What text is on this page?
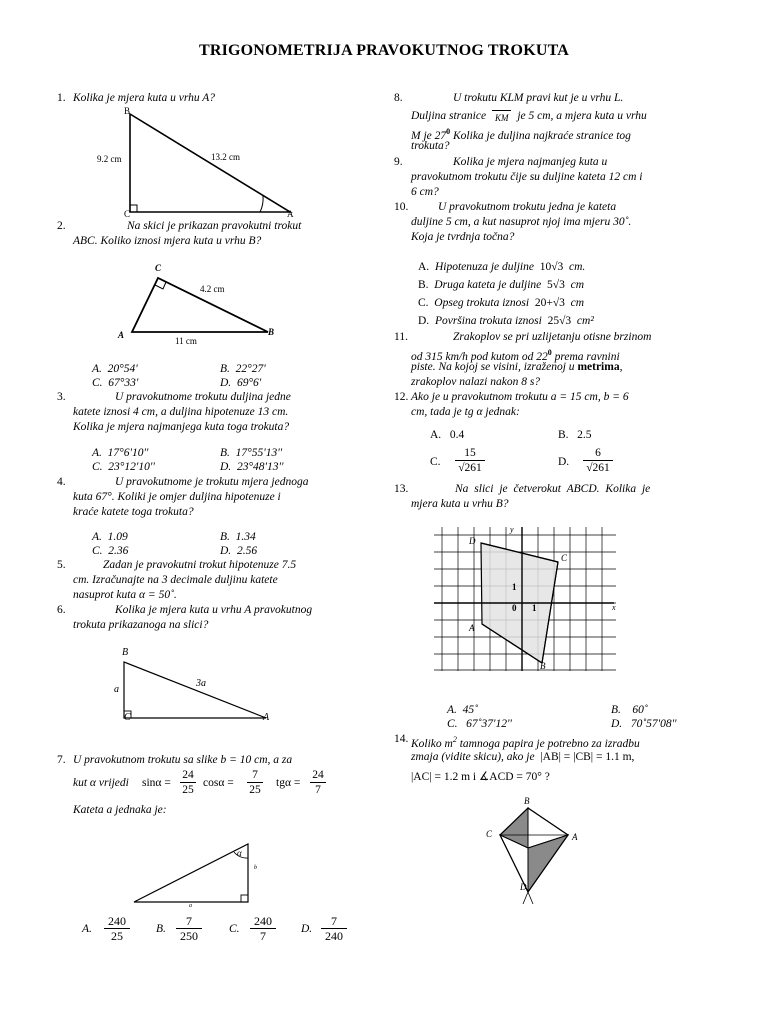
TRIGONOMETRIJA PRAVOKUTNOG TROKUTA
1. Kolika je mjera kuta u vrhu A?
B
C	A
9.2 cm	13.2 cm
2.	Na skici je prikazan pravokutni trokut
ABC. Koliko iznosi mjera kuta u vrhu B?
C
A	B
4.2 cm
11 cm
A. 20°54'	B. 22°27'
C. 67°33'	D. 69°6'
3.	U pravokutnome trokutu duljina jedne
katete iznosi 4 cm, a duljina hipotenuze 13 cm.
Kolika je mjera najmanjega kuta toga trokuta?
A. 17°6'10''	B. 17°55'13''
C. 23°12'10''	D. 23°48'13''
4.	U pravokutnome je trokutu mjera jednoga
kuta 67°. Koliki je omjer duljina hipotenuze i
kraće katete toga trokuta?
A. 1.09	B. 1.34
C. 2.36	D. 2.56
5.	Zadan je pravokutni trokut hipotenuze 7.5
cm. Izračunajte na 3 decimale duljinu katete
nasuprot kuta α = 50˚.
6.	Kolika je mjera kuta u vrhu A pravokutnog
trokuta prikazanoga na slici?
B
C	A
a
3a
7. U pravokutnom trokutu sa slike b = 10 cm, a za
kut α vrijedi $\sin\alpha = \frac{24}{25}$ $\cos\alpha = \frac{7}{25}$ $tg\alpha = \frac{24}{7}$
Kateta a jednaka je:
α
b
a
A. $\frac{240}{25} B$. $\frac{7}{250} C$. $\frac{240}{7} D$. $\frac{7}{240}$
8.	U trokutu KLM pravi kut je u vrhu L.
Duljina stranice KM je 5 cm, a mjera kuta u vrhu
M je $27^0$ Kolika je duljina najkraće stranice tog
trokuta?
9.	Kolika je mjera najmanjeg kuta u
pravokutnom trokutu čije su duljine kateta 12 cm i
6 cm?
10.	U pravokutnom trokutu jedna je kateta
duljine 5 cm, a kut nasuprot njoj ima mjeru 30˚.
Koja je tvrdnja točna?
A. Hipotenuza je duljine 10√3 cm.
B. Druga kateta je duljine 5√3 cm
C. Opseg trokuta iznosi 20+√3 cm
D. Površina trokuta iznosi 25√3 cm²
11.	Zrakoplov se pri uzlijetanju otisne brzinom
od 315 km/h pod kutom od $22^0$ prema ravnini
piste. Na kojoj se visini, izraženoj u metrima,
zrakoplov nalazi nakon 8 s?
12. Ako je u pravokutnom trokutu a = 15 cm, b = 6
cm, tada je tg α jednak:
A. 0.4	B. 2.5
C. $\frac{15}{√261}$	D. $\frac{6}{√261}$
13.	Na slici je četverokut ABCD. Kolika je
mjera kuta u vrhu B?
y
x
D
C
A
B
1
0 1
A. 45˚	B. 60˚
C. 67˚37'12''	D. 70˚57'08''
14. Koliko $m^2$ tamnoga papira je potrebno za izradbu
zmaja (vidite skicu), ako je |AB| = |CB| = 1.1 m,
|AC| = 1.2 m i ∡ACD = 70° ?
B
C	A
D
